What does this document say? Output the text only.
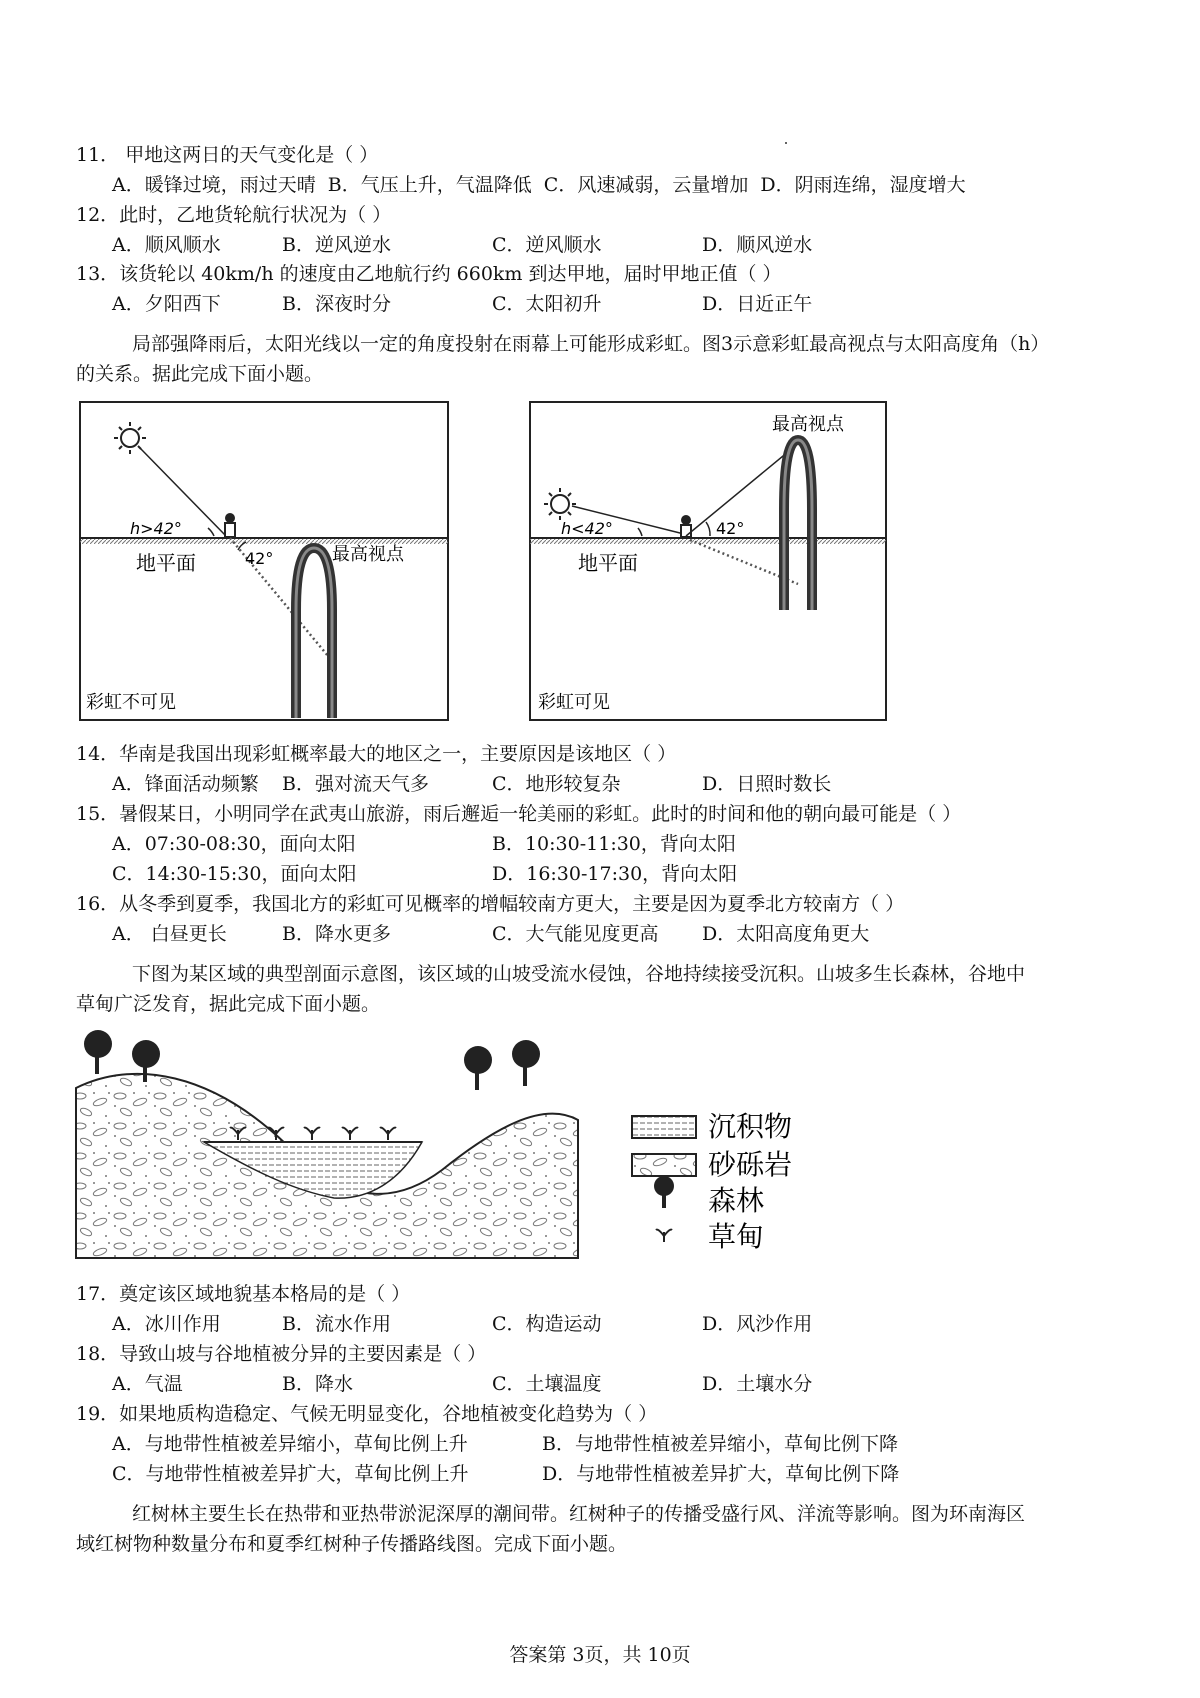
11． 甲地这两日的天气变化是（ ）
A．暖锋过境，雨过天晴 B．气压上升，气温降低 C．风速减弱，云量增加 D．阴雨连绵，湿度增大
12．此时，乙地货轮航行状况为（ ）
A．顺风顺水	B．逆风逆水	C．逆风顺水	D．顺风逆水
13．该货轮以 40km/h 的速度由乙地航行约 660km 到达甲地，届时甲地正值（ ）
A．夕阳西下	B．深夜时分	C．太阳初升	D．日近正午
局部强降雨后，太阳光线以一定的角度投射在雨幕上可能形成彩虹。图3示意彩虹最高视点与太阳高度角（h）
的关系。据此完成下面小题。
h>42°
42°
地平面	最高视点
彩虹不可见
h<42°	42°
地平面
最高视点
彩虹可见
14．华南是我国出现彩虹概率最大的地区之一，主要原因是该地区（ ）
A．锋面活动频繁 B．强对流天气多	C．地形较复杂	D．日照时数长
15．暑假某日，小明同学在武夷山旅游，雨后邂逅一轮美丽的彩虹。此时的时间和他的朝向最可能是（ ）
A．07:30-08:30，面向太阳	B．10:30-11:30，背向太阳
C．14:30-15:30，面向太阳	D．16:30-17:30，背向太阳
16．从冬季到夏季，我国北方的彩虹可见概率的增幅较南方更大，主要是因为夏季北方较南方（ ）
A． 白昼更长	B．降水更多	C．大气能见度更高 D．太阳高度角更大
下图为某区域的典型剖面示意图，该区域的山坡受流水侵蚀，谷地持续接受沉积。山坡多生长森林，谷地中
草甸广泛发育，据此完成下面小题。
沉积物
砂砾岩
森林
草甸
17．奠定该区域地貌基本格局的是（ ）
A．冰川作用	B．流水作用	C．构造运动	D．风沙作用
18．导致山坡与谷地植被分异的主要因素是（ ）
A．气温	B．降水	C．土壤温度	D．土壤水分
19．如果地质构造稳定、气候无明显变化，谷地植被变化趋势为（ ）
A．与地带性植被差异缩小，草甸比例上升	B．与地带性植被差异缩小，草甸比例下降
C．与地带性植被差异扩大，草甸比例上升	D．与地带性植被差异扩大，草甸比例下降
红树林主要生长在热带和亚热带淤泥深厚的潮间带。红树种子的传播受盛行风、洋流等影响。图为环南海区
域红树物种数量分布和夏季红树种子传播路线图。完成下面小题。
答案第 3页，共 10页
